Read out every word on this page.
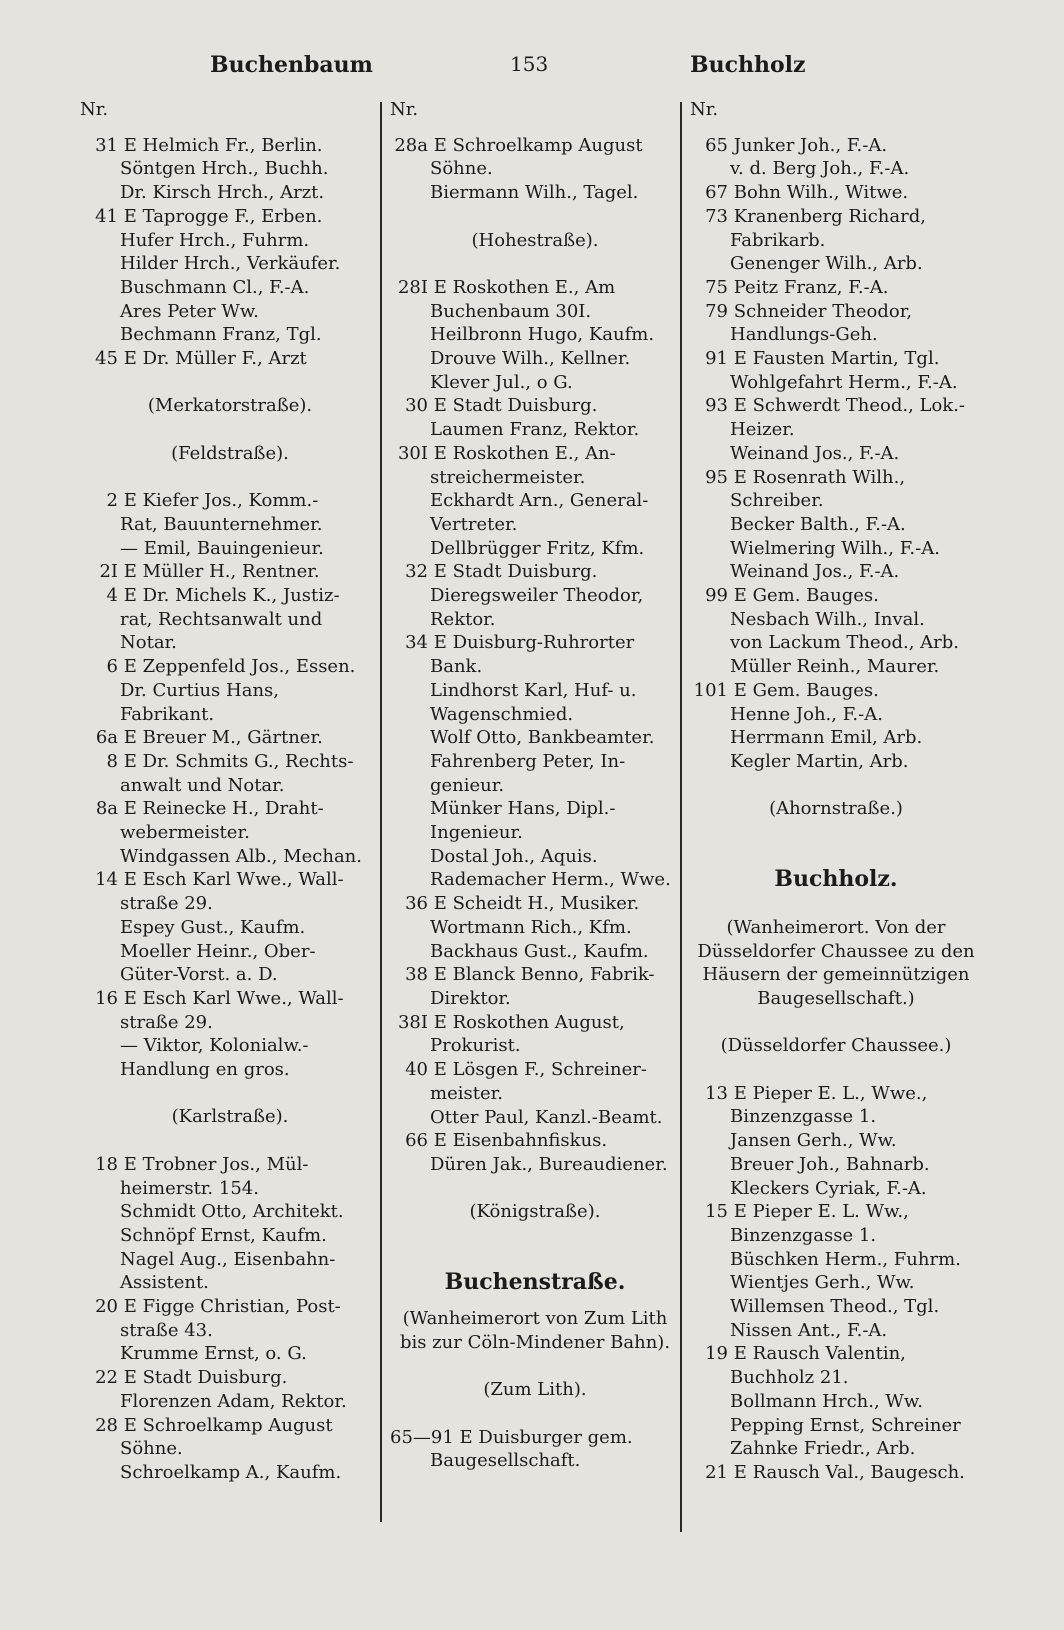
Buchenbaum	153	Buchholz
Nr.
31 E Helmich Fr., Berlin.
Söntgen Hrch., Buchh.
Dr. Kirsch Hrch., Arzt.
41 E Taprogge F., Erben.
Hufer Hrch., Fuhrm.
Hilder Hrch., Verkäufer.
Buschmann Cl., F.-A.
Ares Peter Ww.
Bechmann Franz, Tgl.
45 E Dr. Müller F., Arzt
(Merkatorstraße).
(Feldstraße).
2 E Kiefer Jos., Komm.-
Rat, Bauunternehmer.
— Emil, Bauingenieur.
2I E Müller H., Rentner.
4 E Dr. Michels K., Justiz-
rat, Rechtsanwalt und
Notar.
6 E Zeppenfeld Jos., Essen.
Dr. Curtius Hans,
Fabrikant.
6a E Breuer M., Gärtner.
8 E Dr. Schmits G., Rechts-
anwalt und Notar.
8a E Reinecke H., Draht-
webermeister.
Windgassen Alb., Mechan.
14 E Esch Karl Wwe., Wall-
straße 29.
Espey Gust., Kaufm.
Moeller Heinr., Ober-
Güter-Vorst. a. D.
16 E Esch Karl Wwe., Wall-
straße 29.
— Viktor, Kolonialw.-
Handlung en gros.
(Karlstraße).
18 E Trobner Jos., Mül-
heimerstr. 154.
Schmidt Otto, Architekt.
Schnöpf Ernst, Kaufm.
Nagel Aug., Eisenbahn-
Assistent.
20 E Figge Christian, Post-
straße 43.
Krumme Ernst, o. G.
22 E Stadt Duisburg.
Florenzen Adam, Rektor.
28 E Schroelkamp August
Söhne.
Schroelkamp A., Kaufm.
Nr.
28a E Schroelkamp August
Söhne.
Biermann Wilh., Tagel.
(Hohestraße).
28I E Roskothen E., Am
Buchenbaum 30I.
Heilbronn Hugo, Kaufm.
Drouve Wilh., Kellner.
Klever Jul., o G.
30 E Stadt Duisburg.
Laumen Franz, Rektor.
30I E Roskothen E., An-
streichermeister.
Eckhardt Arn., General-
Vertreter.
Dellbrügger Fritz, Kfm.
32 E Stadt Duisburg.
Dieregsweiler Theodor,
Rektor.
34 E Duisburg-Ruhrorter
Bank.
Lindhorst Karl, Huf- u.
Wagenschmied.
Wolf Otto, Bankbeamter.
Fahrenberg Peter, In-
genieur.
Münker Hans, Dipl.-
Ingenieur.
Dostal Joh., Aquis.
Rademacher Herm., Wwe.
36 E Scheidt H., Musiker.
Wortmann Rich., Kfm.
Backhaus Gust., Kaufm.
38 E Blanck Benno, Fabrik-
Direktor.
38I E Roskothen August,
Prokurist.
40 E Lösgen F., Schreiner-
meister.
Otter Paul, Kanzl.-Beamt.
66 E Eisenbahnfiskus.
Düren Jak., Bureaudiener.
(Königstraße).
Buchenstraße.
(Wanheimerort von Zum Lith
bis zur Cöln-Mindener Bahn).
(Zum Lith).
65—91 E Duisburger gem.
Baugesellschaft.
Nr.
65 Junker Joh., F.-A.
v. d. Berg Joh., F.-A.
67 Bohn Wilh., Witwe.
73 Kranenberg Richard,
Fabrikarb.
Genenger Wilh., Arb.
75 Peitz Franz, F.-A.
79 Schneider Theodor,
Handlungs-Geh.
91 E Fausten Martin, Tgl.
Wohlgefahrt Herm., F.-A.
93 E Schwerdt Theod., Lok.-
Heizer.
Weinand Jos., F.-A.
95 E Rosenrath Wilh.,
Schreiber.
Becker Balth., F.-A.
Wielmering Wilh., F.-A.
Weinand Jos., F.-A.
99 E Gem. Bauges.
Nesbach Wilh., Inval.
von Lackum Theod., Arb.
Müller Reinh., Maurer.
101 E Gem. Bauges.
Henne Joh., F.-A.
Herrmann Emil, Arb.
Kegler Martin, Arb.
(Ahornstraße.)
Buchholz.
(Wanheimerort. Von der
Düsseldorfer Chaussee zu den
Häusern der gemeinnützigen
Baugesellschaft.)
(Düsseldorfer Chaussee.)
13 E Pieper E. L., Wwe.,
Binzenzgasse 1.
Jansen Gerh., Ww.
Breuer Joh., Bahnarb.
Kleckers Cyriak, F.-A.
15 E Pieper E. L. Ww.,
Binzenzgasse 1.
Büschken Herm., Fuhrm.
Wientjes Gerh., Ww.
Willemsen Theod., Tgl.
Nissen Ant., F.-A.
19 E Rausch Valentin,
Buchholz 21.
Bollmann Hrch., Ww.
Pepping Ernst, Schreiner
Zahnke Friedr., Arb.
21 E Rausch Val., Baugesch.
